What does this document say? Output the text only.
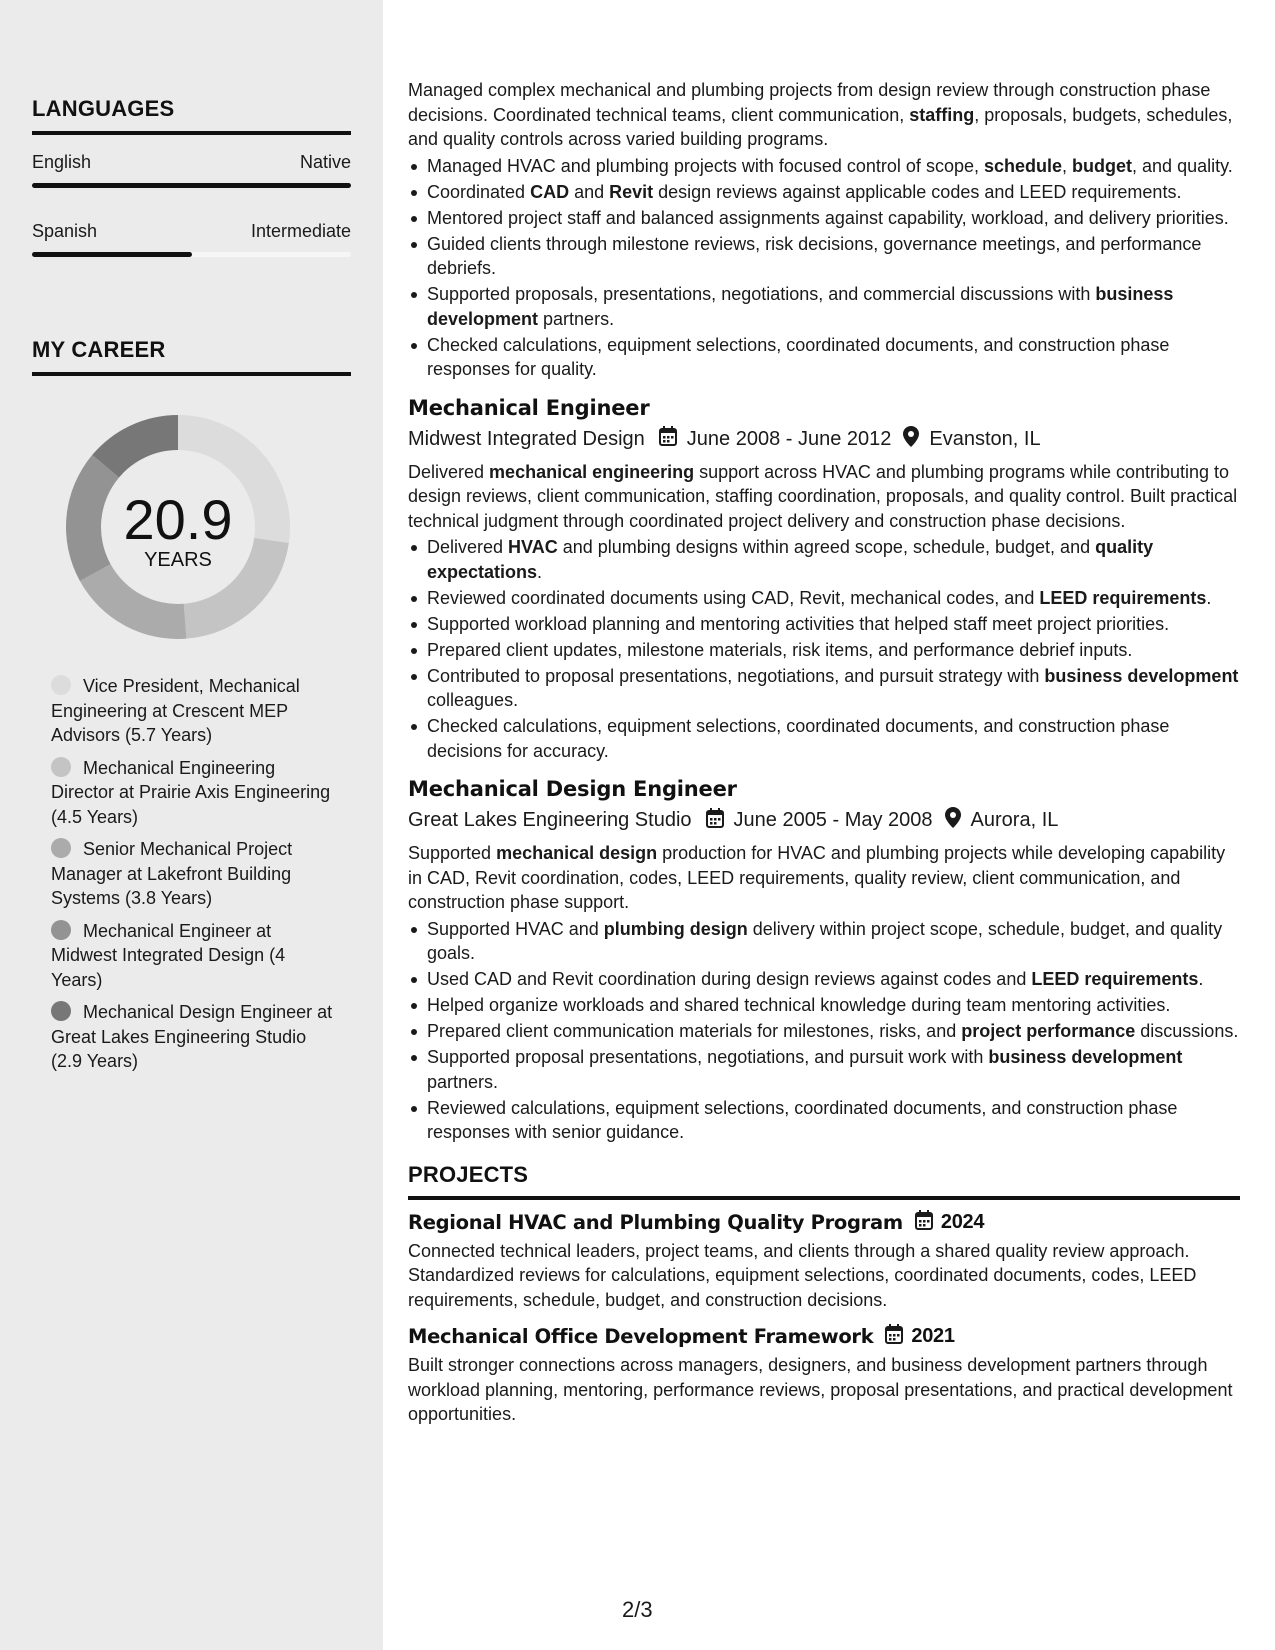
LANGUAGES
English	Native
Spanish	Intermediate
MY CAREER
20.9
YEARS
Vice President, Mechanical Engineering at Crescent MEP Advisors (5.7 Years)
Mechanical Engineering Director at Prairie Axis Engineering (4.5 Years)
Senior Mechanical Project Manager at Lakefront Building Systems (3.8 Years)
Mechanical Engineer at Midwest Integrated Design (4 Years)
Mechanical Design Engineer at Great Lakes Engineering Studio (2.9 Years)
Managed complex mechanical and plumbing projects from design review through construction phase decisions. Coordinated technical teams, client communication, staffing, proposals, budgets, schedules, and quality controls across varied building programs.
Managed HVAC and plumbing projects with focused control of scope, schedule, budget, and quality.
Coordinated CAD and Revit design reviews against applicable codes and LEED requirements.
Mentored project staff and balanced assignments against capability, workload, and delivery priorities.
Guided clients through milestone reviews, risk decisions, governance meetings, and performance debriefs.
Supported proposals, presentations, negotiations, and commercial discussions with business development partners.
Checked calculations, equipment selections, coordinated documents, and construction phase responses for quality.
Mechanical Engineer
Midwest Integrated Design June 2008 - June 2012 Evanston, IL
Delivered mechanical engineering support across HVAC and plumbing programs while contributing to design reviews, client communication, staffing coordination, proposals, and quality control. Built practical technical judgment through coordinated project delivery and construction phase decisions.
Delivered HVAC and plumbing designs within agreed scope, schedule, budget, and quality expectations.
Reviewed coordinated documents using CAD, Revit, mechanical codes, and LEED requirements.
Supported workload planning and mentoring activities that helped staff meet project priorities.
Prepared client updates, milestone materials, risk items, and performance debrief inputs.
Contributed to proposal presentations, negotiations, and pursuit strategy with business development colleagues.
Checked calculations, equipment selections, coordinated documents, and construction phase decisions for accuracy.
Mechanical Design Engineer
Great Lakes Engineering Studio June 2005 - May 2008 Aurora, IL
Supported mechanical design production for HVAC and plumbing projects while developing capability in CAD, Revit coordination, codes, LEED requirements, quality review, client communication, and construction phase support.
Supported HVAC and plumbing design delivery within project scope, schedule, budget, and quality goals.
Used CAD and Revit coordination during design reviews against codes and LEED requirements.
Helped organize workloads and shared technical knowledge during team mentoring activities.
Prepared client communication materials for milestones, risks, and project performance discussions.
Supported proposal presentations, negotiations, and pursuit work with business development partners.
Reviewed calculations, equipment selections, coordinated documents, and construction phase responses with senior guidance.
PROJECTS
Regional HVAC and Plumbing Quality Program 2024
Connected technical leaders, project teams, and clients through a shared quality review approach. Standardized reviews for calculations, equipment selections, coordinated documents, codes, LEED requirements, schedule, budget, and construction decisions.
Mechanical Office Development Framework 2021
Built stronger connections across managers, designers, and business development partners through workload planning, mentoring, performance reviews, proposal presentations, and practical development opportunities.
2/3
